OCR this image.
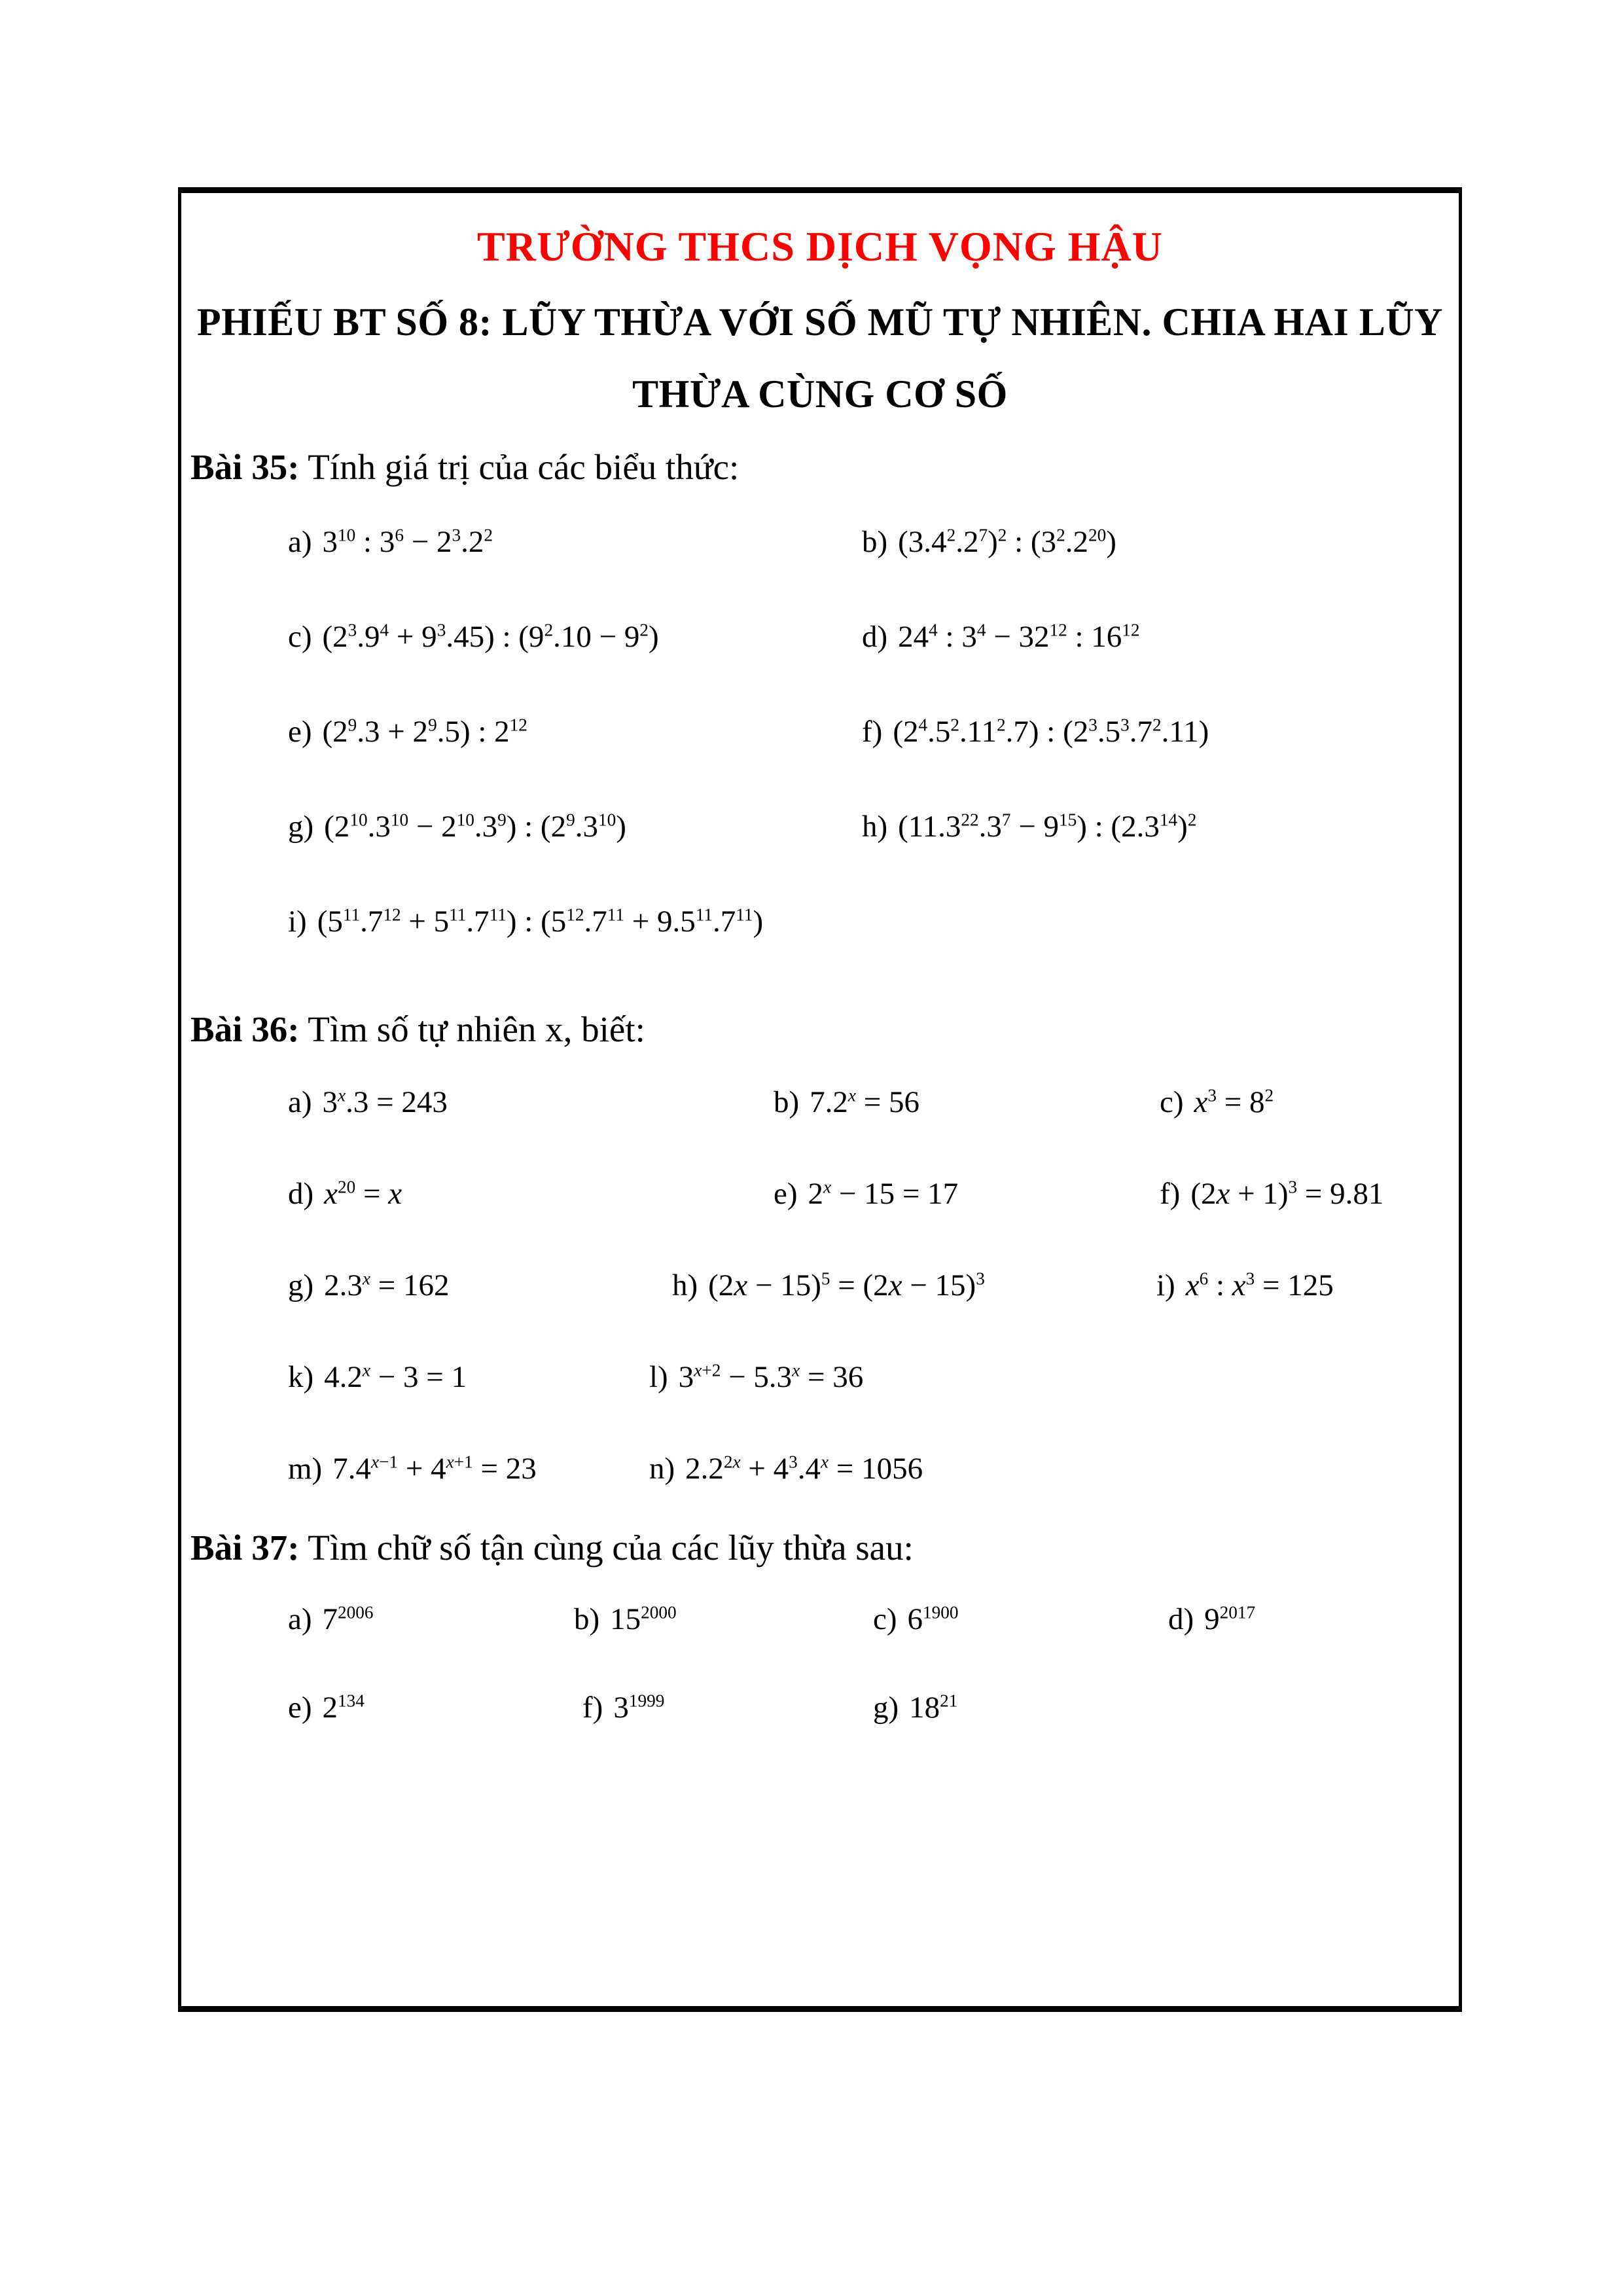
TRƯỜNG THCS DỊCH VỌNG HẬU
PHIẾU BT SỐ 8: LŨY THỪA VỚI SỐ MŨ TỰ NHIÊN. CHIA HAI LŨY
THỪA CÙNG CƠ SỐ
Bài 35: Tính giá trị của các biểu thức:
a) $3^{10}$ : $3^6 - 2^3.2^2$	b) $(3.4^2.2^7)^2$ : $(3^2.2^{20})$
c) $(2^3.9^4 + 9^3.45)$ : $(9^2.10 - 9^2)$	d) $24^4$ : $3^4 - 32^{12}$ : $16^{12}$
e) $(2^9.3 + 2^9.5)$ : $2^{12}$	f) $(2^4.5^2.11^2.7)$ : $(2^3.5^3.7^2.11)$
g) $(2^{10}.3^{10} - 2^{10}.3^9)$ : $(2^9.3^{10})$	h) $(11.3^{22}.3^7 - 9^{15})$ : $(2.3^{14})^2$
i) $(5^{11}.7^{12} + 5^{11}.7^{11})$ : $(5^{12}.7^{11} + 9.5^{11}.7^{11})$
Bài 36: Tìm số tự nhiên x, biết:
a) $3^x.3 = 243$	b) $7.2^x = 56$	c) $x^3 = 8^2$
d) $x^{20} = x$	e) $2^x - 15 = 17$	f) $(2x + 1)^3 = 9.81$
g) $2.3^x = 162$	h) $(2x - 15)^5 = (2x - 15)^3$	i) $x^6$ : $x^3 = 125$
k) $4.2^x - 3 = 1$	l) $3^{x+2} - 5.3^x = 36$
m) $7.4^{x-1} + 4^{x+1} = 23$	n) $2.2^{2x} + 4^3.4^x = 1056$
Bài 37: Tìm chữ số tận cùng của các lũy thừa sau:
a) $7^{2006}$	b) $15^{2000}$	c) $6^{1900}$	d) $9^{2017}$
e) $2^{134}$	f) $3^{1999}$	g) $18^{21}$
